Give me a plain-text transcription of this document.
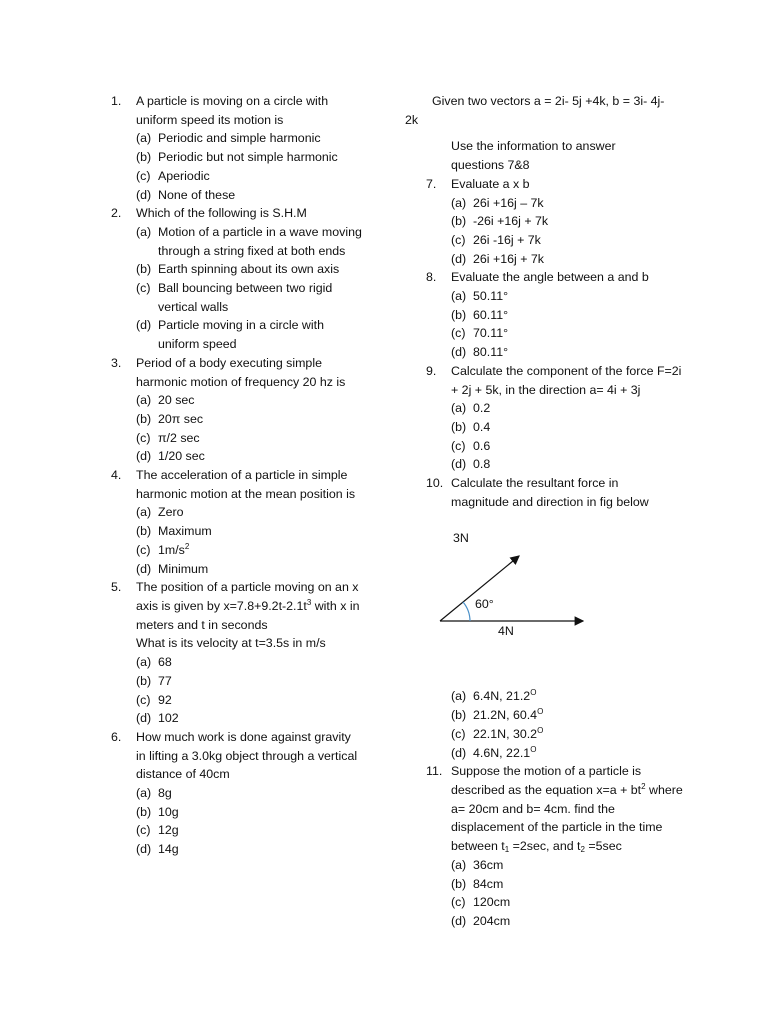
1. A particle is moving on a circle with uniform speed its motion is
(a) Periodic and simple harmonic
(b) Periodic but not simple harmonic
(c) Aperiodic
(d) None of these
2. Which of the following is S.H.M
(a) Motion of a particle in a wave moving through a string fixed at both ends
(b) Earth spinning about its own axis
(c) Ball bouncing between two rigid vertical walls
(d) Particle moving in a circle with uniform speed
3. Period of a body executing simple harmonic motion of frequency 20 hz is
(a) 20 sec
(b) 20π sec
(c) π/2 sec
(d) 1/20 sec
4. The acceleration of a particle in simple harmonic motion at the mean position is
(a) Zero
(b) Maximum
(c) $1m/s^2$
(d) Minimum
5. The position of a particle moving on an x axis is given by $x=7.8+9.2t-2.1t^3$ with x in meters and t in seconds
What is its velocity at t=3.5s in m/s
(a) 68
(b) 77
(c) 92
(d) 102
6. How much work is done against gravity in lifting a 3.0kg object through a vertical distance of 40cm
(a) 8g
(b) 10g
(c) 12g
(d) 14g
Given two vectors a = 2i- 5j +4k, b = 3i- 4j-
2k
Use the information to answer questions 7&8
7. Evaluate a x b
(a) 26i +16j – 7k
(b) -26i +16j + 7k
(c) 26i -16j + 7k
(d) 26i +16j + 7k
8. Evaluate the angle between a and b
(a) 50.11°
(b) 60.11°
(c) 70.11°
(d) 80.11°
9. Calculate the component of the force F=2i + 2j + 5k, in the direction a= 4i + 3j
(a) 0.2
(b) 0.4
(c) 0.6
(d) 0.8
10. Calculate the resultant force in magnitude and direction in fig below
3N
60°
4N
(a) 6.4N, $21.2^O$
(b) 21.2N, $60.4^O$
(c) 22.1N, $30.2^O$
(d) 4.6N, $22.1^O$
11. Suppose the motion of a particle is described as the equation $x=a + bt^2$ where a= 20cm and b= 4cm. find the displacement of the particle in the time between $t_1 =2\sec$, and $t_2 =5\sec$
(a) 36cm
(b) 84cm
(c) 120cm
(d) 204cm
